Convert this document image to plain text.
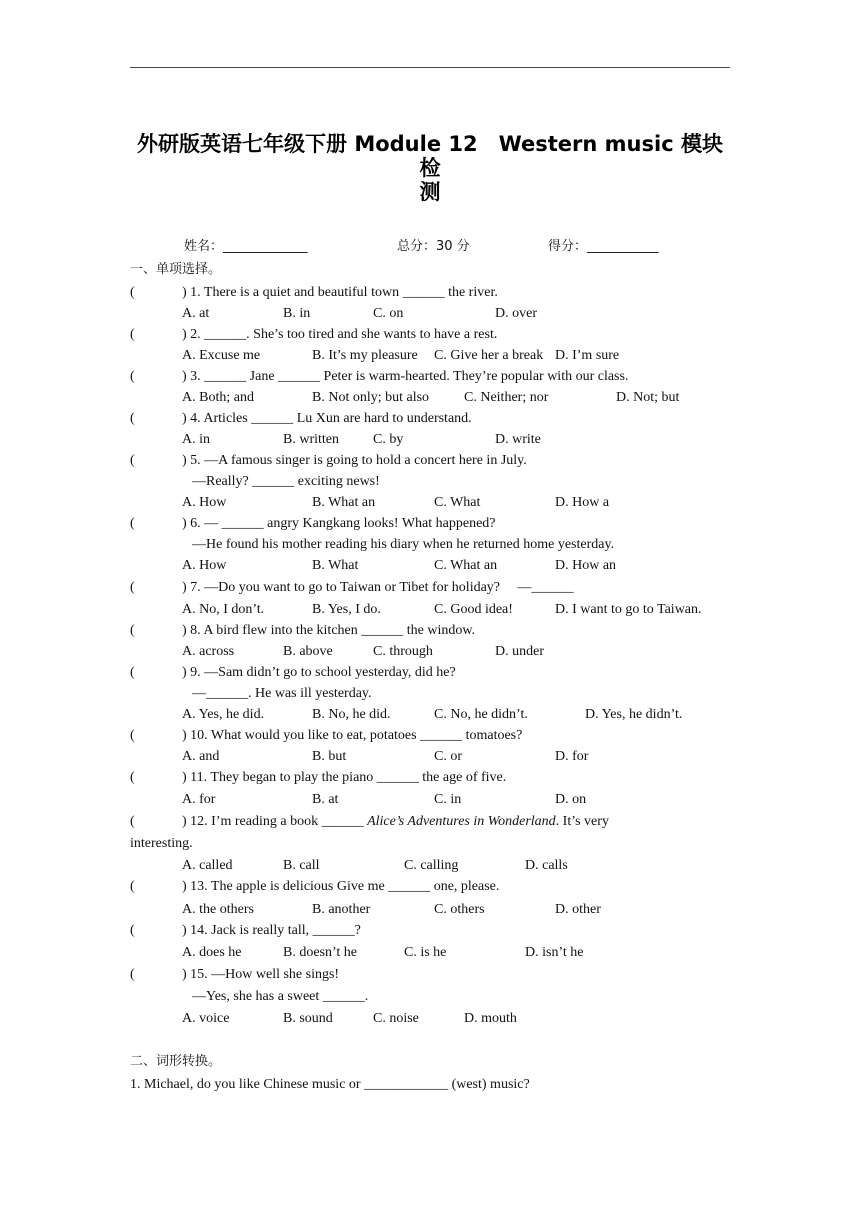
外研版英语七年级下册 Module 12　Western music 模块检
测
姓名：_____________	总分：30 分	得分：___________
一、单项选择。
(	) 1. There is a quiet and beautiful town ______ the river.
A. at	B. in	C. on	D. over
(	) 2. ______. She’s too tired and she wants to have a rest.
A. Excuse me	B. It’s my pleasure C. Give her a break D. I’m sure
(	) 3. ______ Jane ______ Peter is warm-hearted. They’re popular with our class.
A. Both; and	B. Not only; but also C. Neither; nor	D. Not; but
(	) 4. Articles ______ Lu Xun are hard to understand.
A. in	B. written C. by	D. write
(	) 5. —A famous singer is going to hold a concert here in July.
—Really? ______ exciting news!
A. How	B. What an	C. What	D. How a
(	) 6. — ______ angry Kangkang looks! What happened?
—He found his mother reading his diary when he returned home yesterday.
A. How	B. What	C. What an	D. How an
(	) 7. —Do you want to go to Taiwan or Tibet for holiday?　 —______
A. No, I don’t.	B. Yes, I do.	C. Good idea!	D. I want to go to Taiwan.
(	) 8. A bird flew into the kitchen ______ the window.
A. across	B. above	C. through	D. under
(	) 9. —Sam didn’t go to school yesterday, did he?
—______. He was ill yesterday.
A. Yes, he did.	B. No, he did.	C. No, he didn’t.	D. Yes, he didn’t.
(	) 10. What would you like to eat, potatoes ______ tomatoes?
A. and	B. but	C. or	D. for
(	) 11. They began to play the piano ______ the age of five.
A. for	B. at	C. in	D. on
(	) 12. I’m reading a book ______ Alice’s Adventures in Wonderland. It’s very
interesting.
A. called	B. call	C. calling	D. calls
(	) 13. The apple is delicious Give me ______ one, please.
A. the others	B. another	C. others	D. other
(	) 14. Jack is really tall, ______?
A. does he	B. doesn’t he	C. is he	D. isn’t he
(	) 15. —How well she sings!
—Yes, she has a sweet ______.
A. voice	B. sound	C. noise	D. mouth
二、词形转换。
1. Michael, do you like Chinese music or ____________ (west) music?
